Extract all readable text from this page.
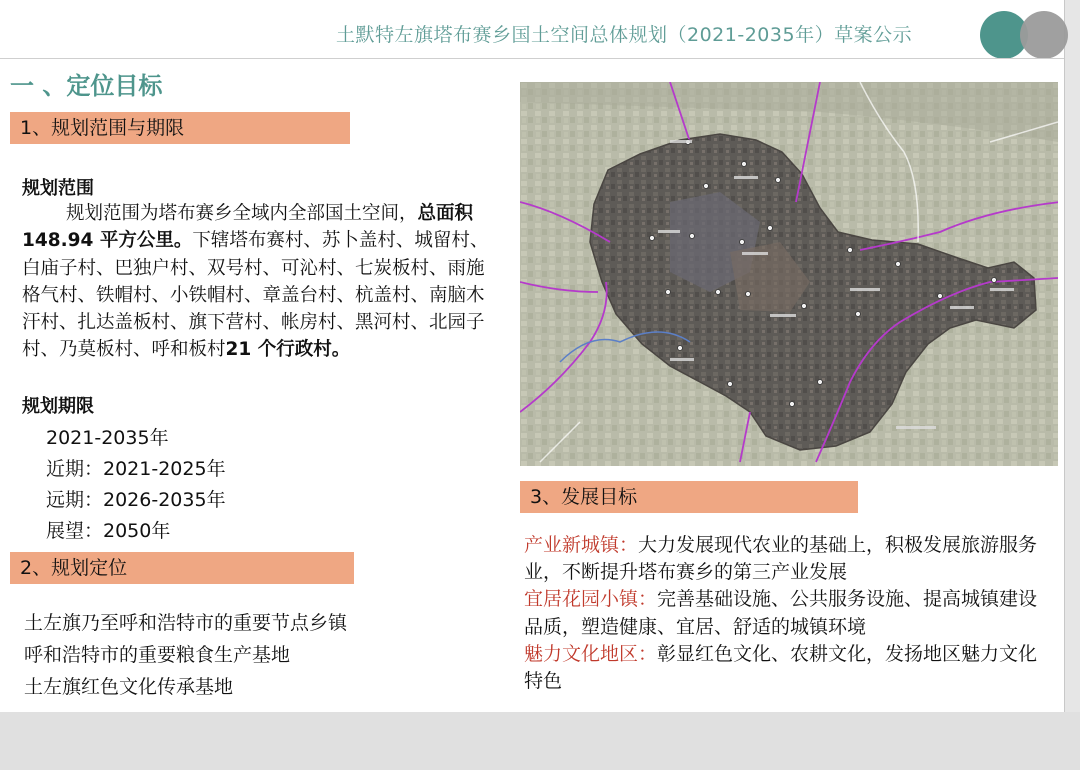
土默特左旗塔布赛乡国土空间总体规划（2021-2035年）草案公示
一 、定位目标
1、规划范围与期限
规划范围
规划范围为塔布赛乡全域内全部国土空间，总面积148.94 平方公里。下辖塔布赛村、苏卜盖村、城留村、白庙子村、巴独户村、双号村、可沁村、七炭板村、雨施格气村、铁帽村、小铁帽村、章盖台村、杭盖村、南脑木汗村、扎达盖板村、旗下营村、帐房村、黑河村、北园子村、乃莫板村、呼和板村21 个行政村。
规划期限
2021-2035年
近期：2021-2025年
远期：2026-2035年
展望：2050年
2、规划定位
土左旗乃至呼和浩特市的重要节点乡镇
呼和浩特市的重要粮食生产基地
土左旗红色文化传承基地
3、发展目标
产业新城镇：大力发展现代农业的基础上，积极发展旅游服务业，不断提升塔布赛乡的第三产业发展
宜居花园小镇：完善基础设施、公共服务设施、提高城镇建设品质，塑造健康、宜居、舒适的城镇环境
魅力文化地区：彰显红色文化、农耕文化，发扬地区魅力文化特色
